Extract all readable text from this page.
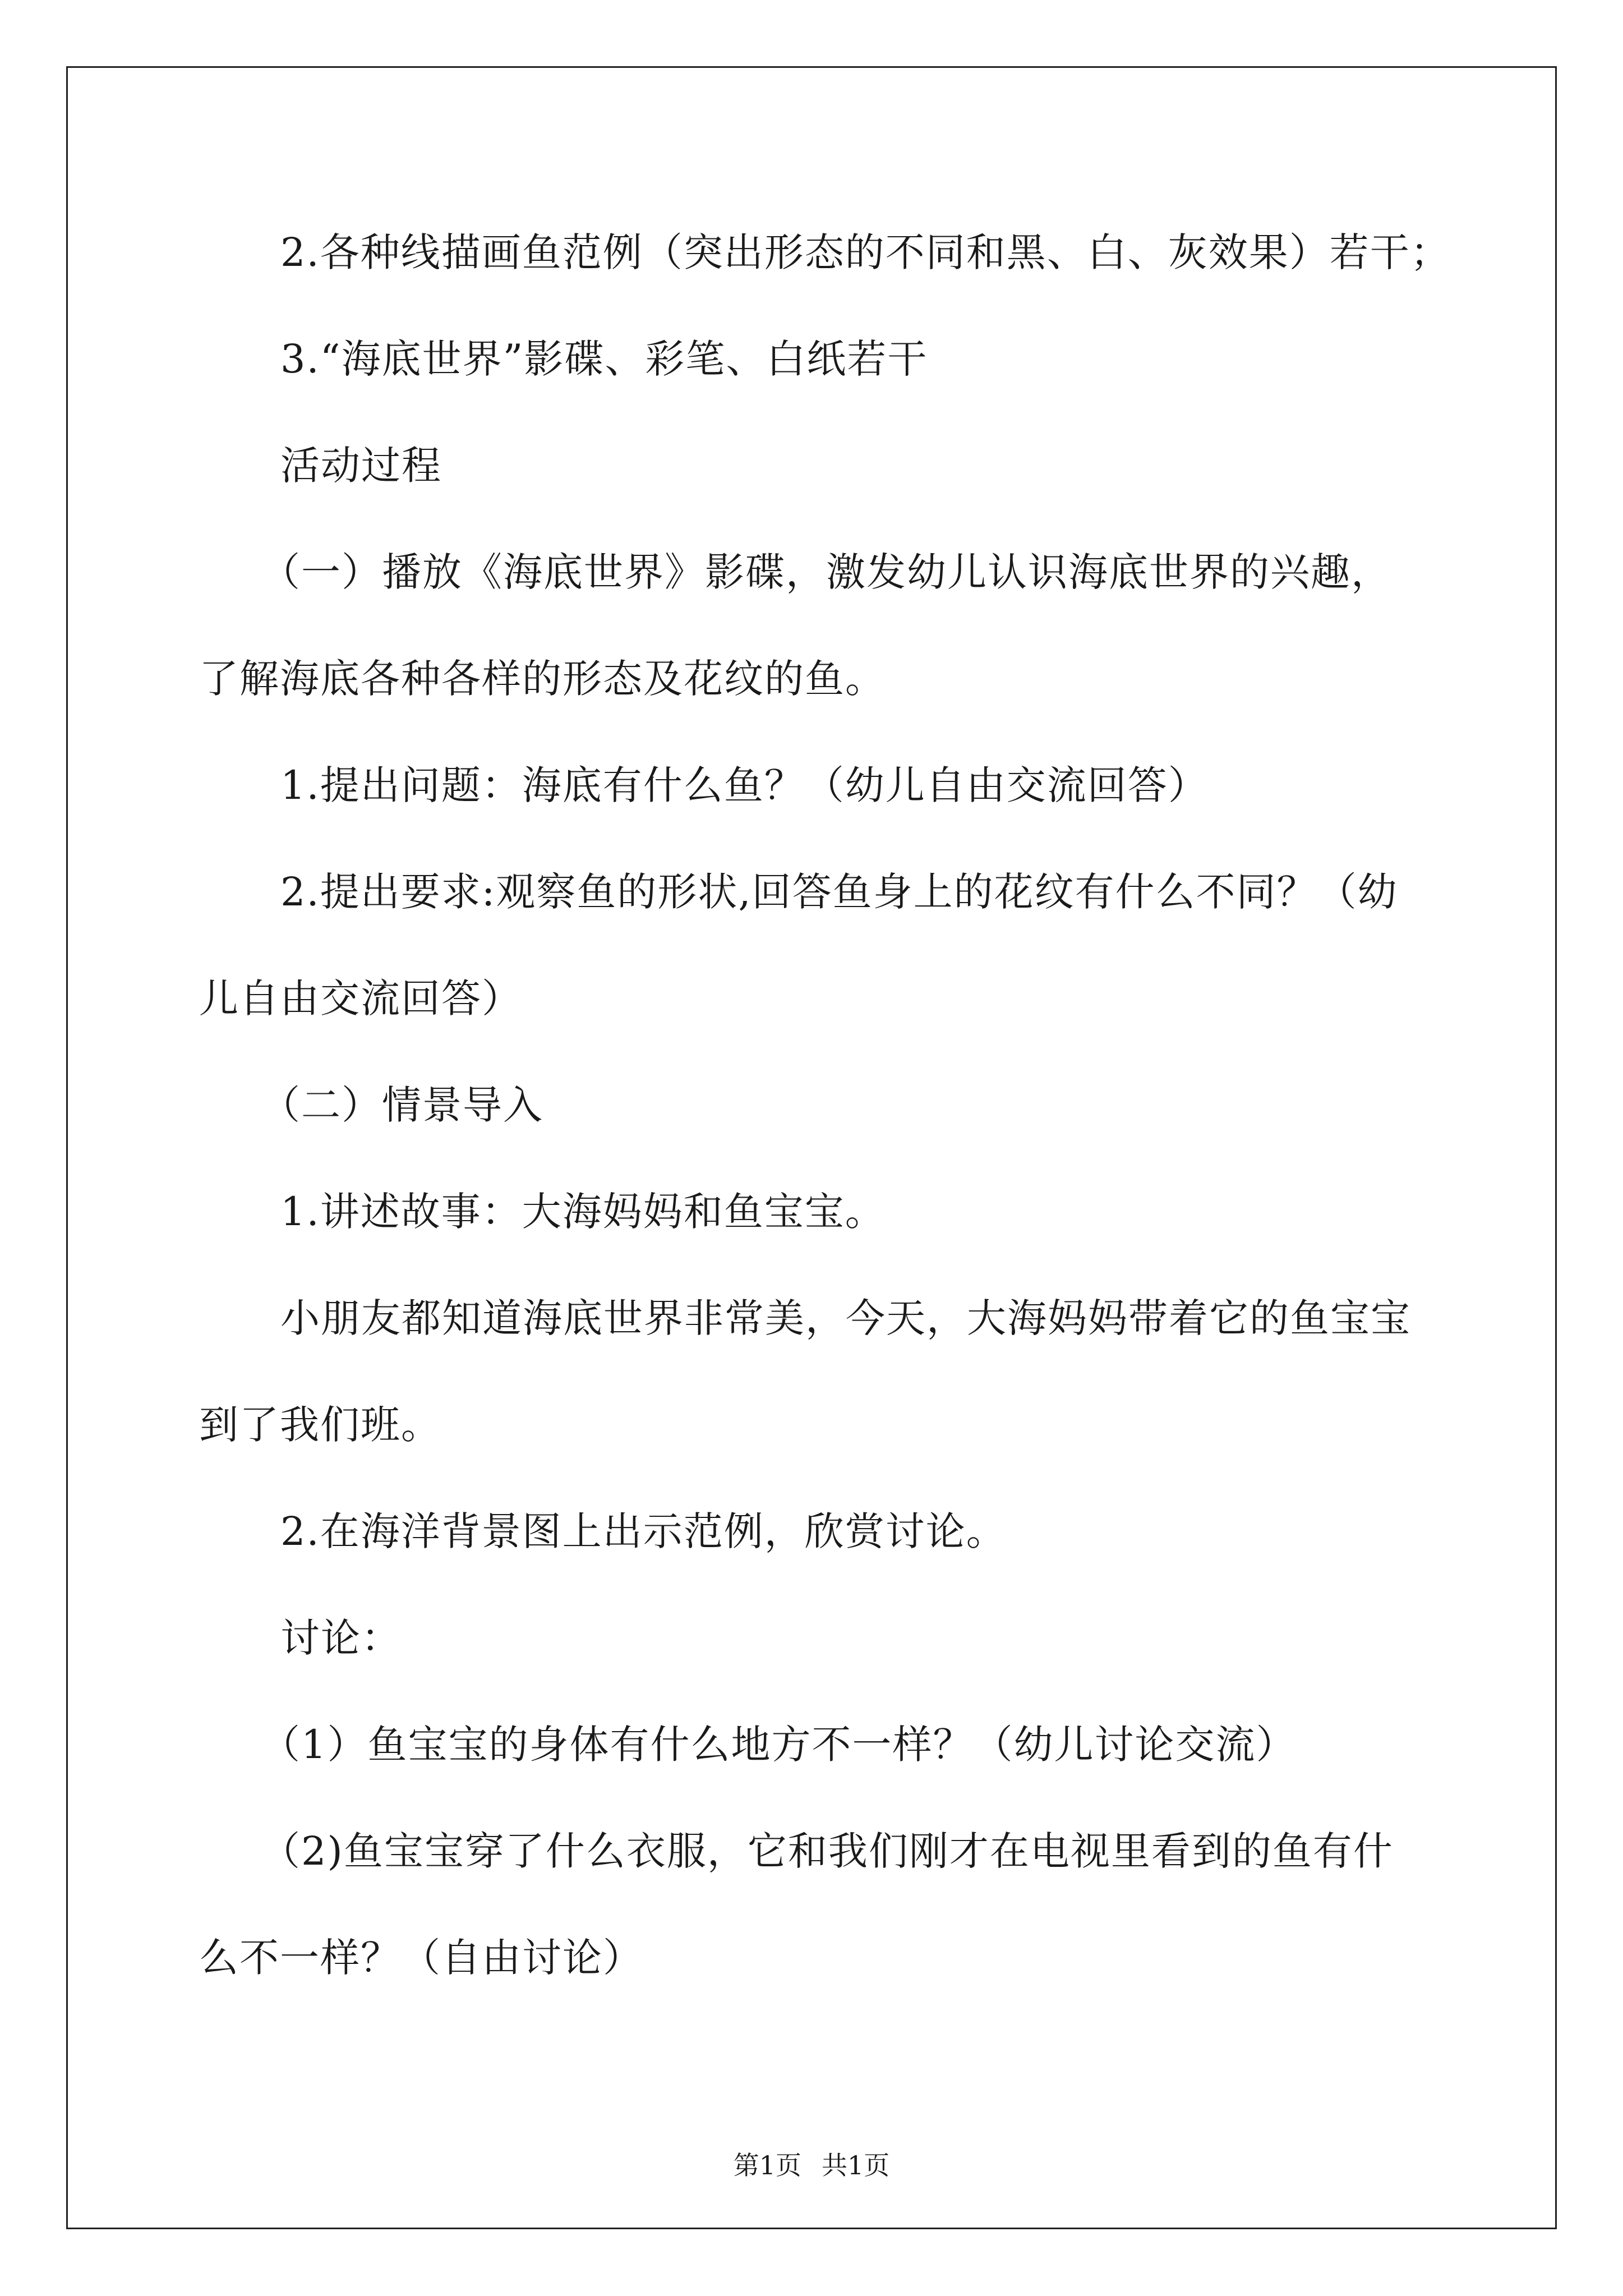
2.各种线描画鱼范例（突出形态的不同和黑、白、灰效果）若干；
3.“海底世界”影碟、彩笔、白纸若干
活动过程
（一）播放《海底世界》影碟，激发幼儿认识海底世界的兴趣，
了解海底各种各样的形态及花纹的鱼。
1.提出问题：海底有什么鱼？（幼儿自由交流回答）
2.提出要求:观察鱼的形状,回答鱼身上的花纹有什么不同？（幼
儿自由交流回答）
（二）情景导入
1.讲述故事：大海妈妈和鱼宝宝。
小朋友都知道海底世界非常美，今天，大海妈妈带着它的鱼宝宝
到了我们班。
2.在海洋背景图上出示范例，欣赏讨论。
讨论：
（1）鱼宝宝的身体有什么地方不一样？（幼儿讨论交流）
（2)鱼宝宝穿了什么衣服，它和我们刚才在电视里看到的鱼有什
么不一样？（自由讨论）
第1页 共1页
